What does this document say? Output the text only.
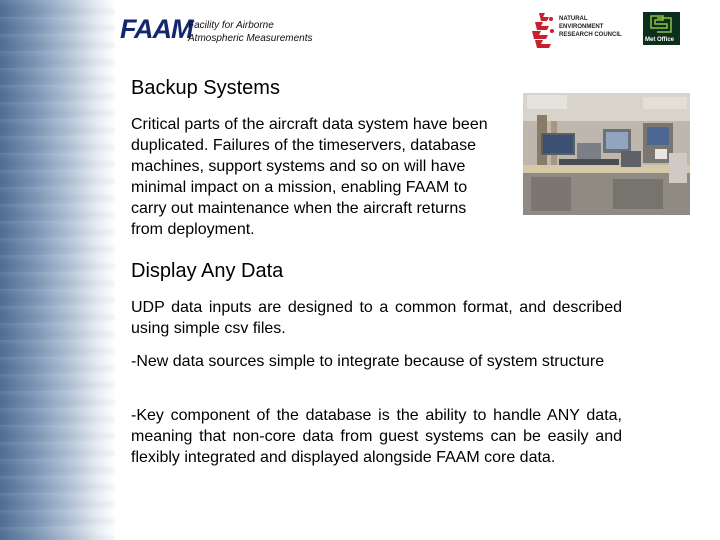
FAAM
Facility for Airborne
Atmospheric Measurements
NATURAL
ENVIRONMENT
RESEARCH COUNCIL
Met Office
Backup Systems
Critical parts of the aircraft data system have been duplicated. Failures of the timeservers, database machines, support systems and so on will have minimal impact on a mission, enabling FAAM to carry out maintenance when the aircraft returns from deployment.
Display Any Data
UDP data inputs are designed to a common format, and described using simple csv files.
-New data sources simple to integrate because of system structure
-Key component of the database is the ability to handle ANY data, meaning that non-core data from guest systems can be easily and flexibly integrated and displayed alongside FAAM core data.
